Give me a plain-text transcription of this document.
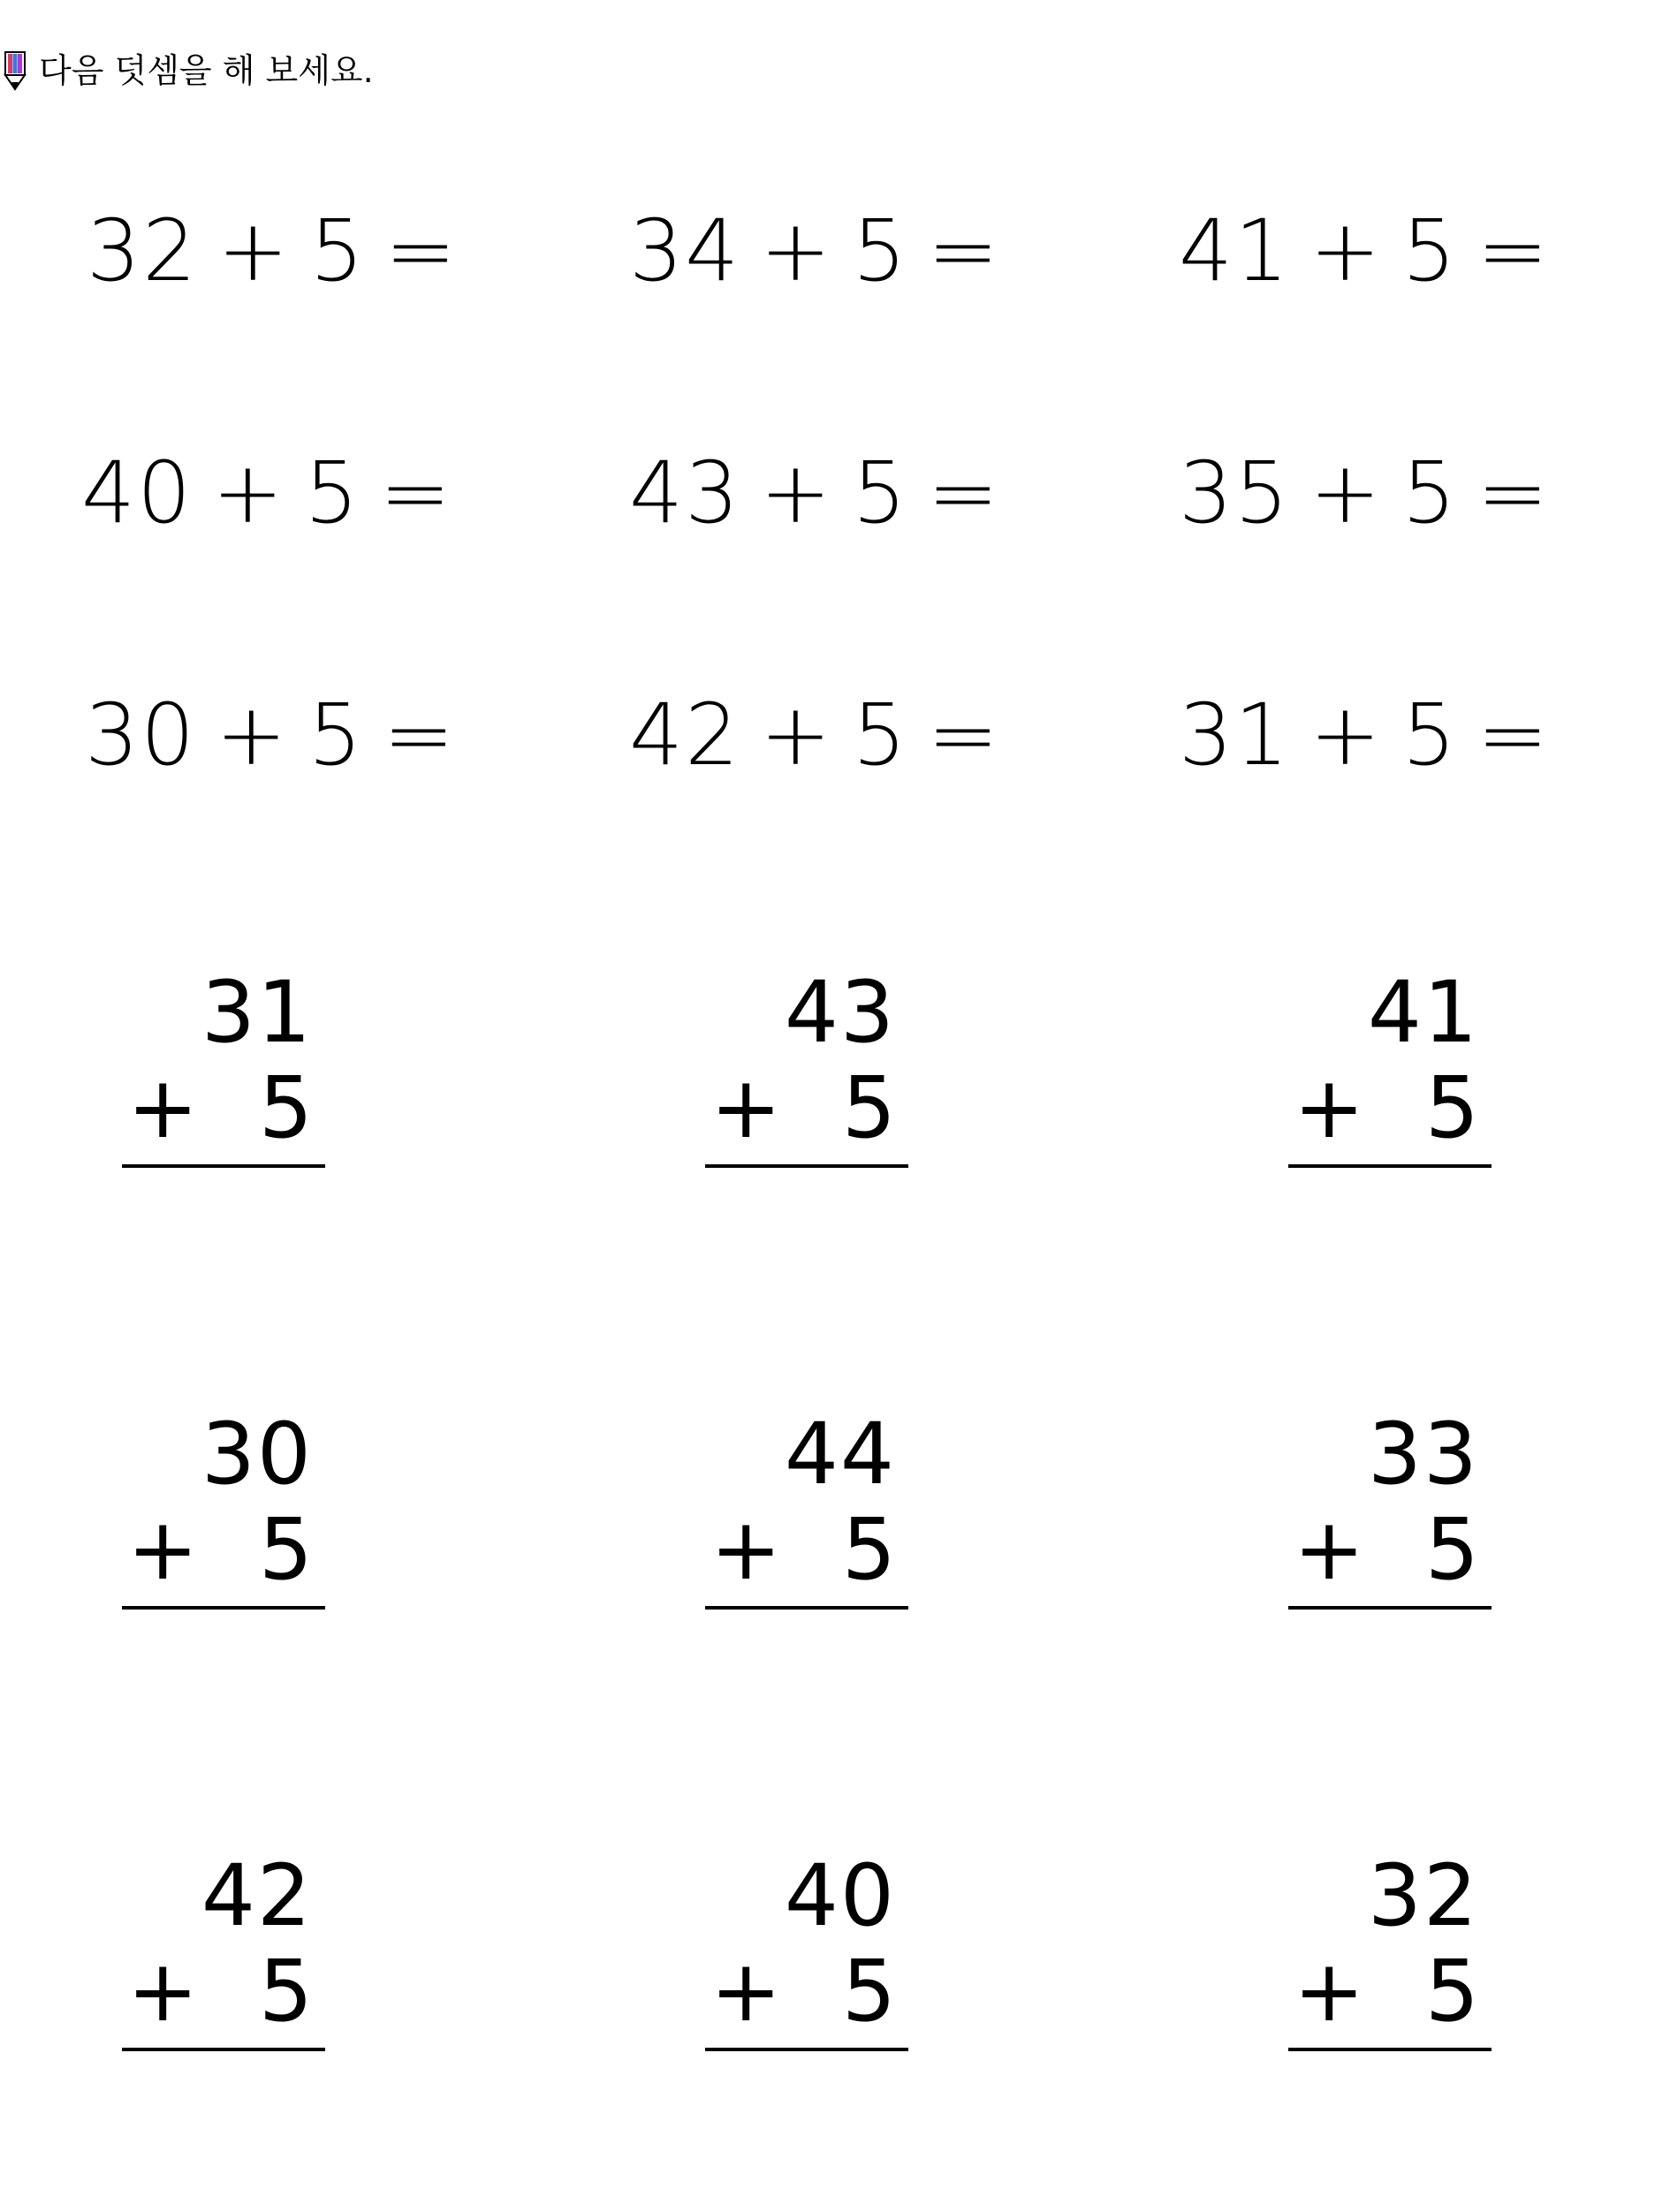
다음 덧셈을 해 보세요.
32 + 5 = 34 + 5 = 41 + 5 =
40 + 5 = 43 + 5 = 35 + 5 =
30 + 5 = 42 + 5 = 31 + 5 =
31
+ 5
43
+ 5
41
+ 5
30
+ 5
44
+ 5
33
+ 5
42
+ 5
40
+ 5
32
+ 5
